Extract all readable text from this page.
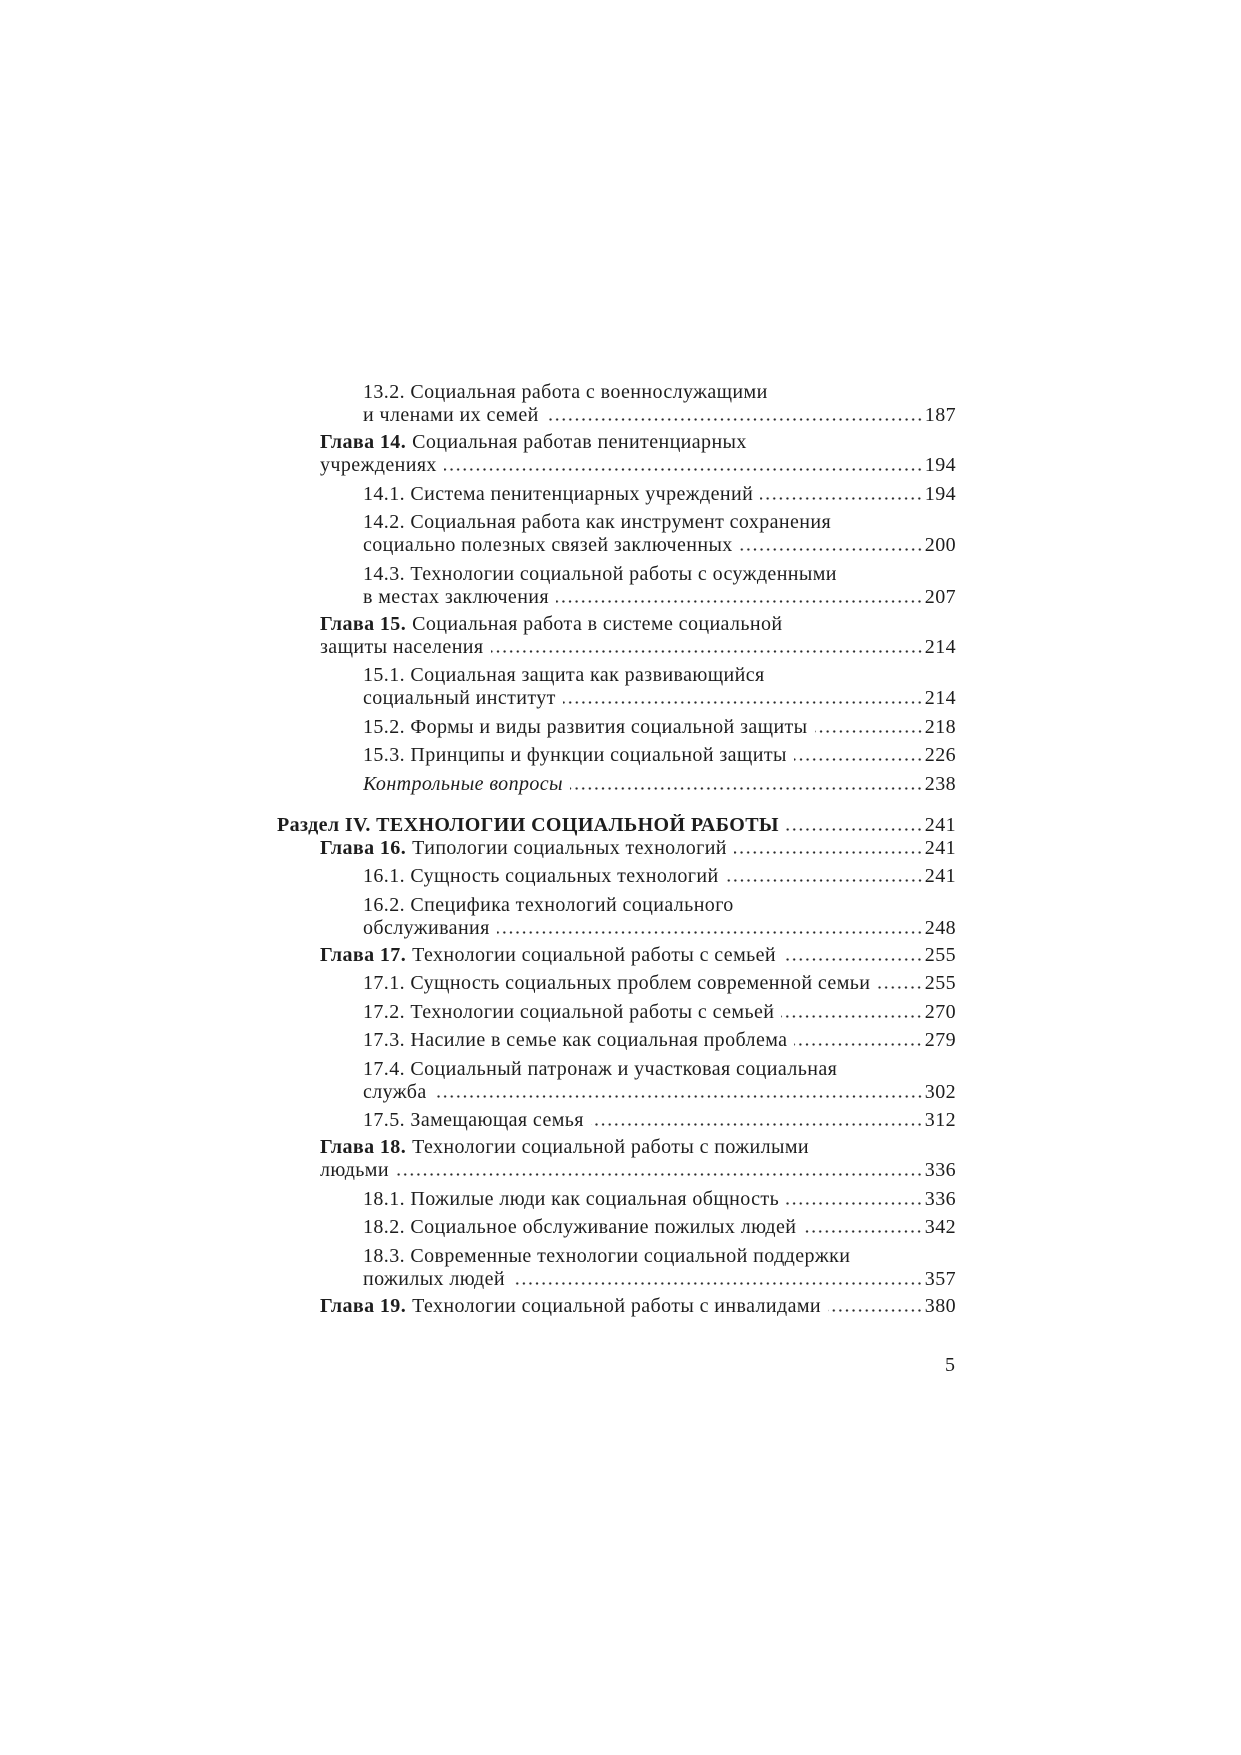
13.2. Социальная работа с военнослужащими
и членами их семей	187
Глава 14. Социальная работав пенитенциарных
учреждениях	194
14.1. Система пенитенциарных учреждений	194
14.2. Социальная работа как инструмент сохранения
социально полезных связей заключенных	200
14.3. Технологии социальной работы с осужденными
в местах заключения	207
Глава 15. Социальная работа в системе социальной
защиты населения	214
15.1. Социальная защита как развивающийся
социальный институт	214
15.2. Формы и виды развития социальной защиты	218
15.3. Принципы и функции социальной защиты	226
Контрольные вопросы	238
Раздел IV. ТЕХНОЛОГИИ СОЦИАЛЬНОЙ РАБОТЫ	241
Глава 16. Типологии социальных технологий	241
16.1. Сущность социальных технологий	241
16.2. Специфика технологий социального
обслуживания	248
Глава 17. Технологии социальной работы с семьей	255
17.1. Сущность социальных проблем современной семьи	255
17.2. Технологии социальной работы с семьей	270
17.3. Насилие в семье как социальная проблема	279
17.4. Социальный патронаж и участковая социальная
служба	302
17.5. Замещающая семья	312
Глава 18. Технологии социальной работы с пожилыми
людьми	336
18.1. Пожилые люди как социальная общность	336
18.2. Социальное обслуживание пожилых людей	342
18.3. Современные технологии социальной поддержки
пожилых людей	357
Глава 19. Технологии социальной работы с инвалидами	380
5
